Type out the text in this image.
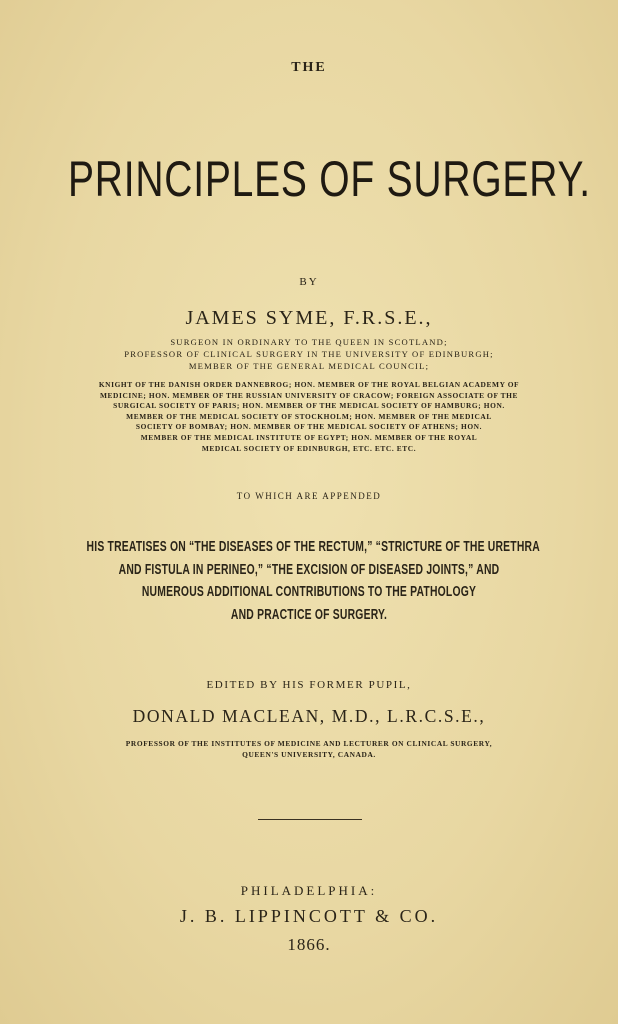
THE
PRINCIPLES OF SURGERY.
BY
JAMES SYME, F.R.S.E.,
SURGEON IN ORDINARY TO THE QUEEN IN SCOTLAND;
PROFESSOR OF CLINICAL SURGERY IN THE UNIVERSITY OF EDINBURGH;
MEMBER OF THE GENERAL MEDICAL COUNCIL;
KNIGHT OF THE DANISH ORDER DANNEBROG; HON. MEMBER OF THE ROYAL BELGIAN ACADEMY OF
MEDICINE; HON. MEMBER OF THE RUSSIAN UNIVERSITY OF CRACOW; FOREIGN ASSOCIATE OF THE
SURGICAL SOCIETY OF PARIS; HON. MEMBER OF THE MEDICAL SOCIETY OF HAMBURG; HON.
MEMBER OF THE MEDICAL SOCIETY OF STOCKHOLM; HON. MEMBER OF THE MEDICAL
SOCIETY OF BOMBAY; HON. MEMBER OF THE MEDICAL SOCIETY OF ATHENS; HON.
MEMBER OF THE MEDICAL INSTITUTE OF EGYPT; HON. MEMBER OF THE ROYAL
MEDICAL SOCIETY OF EDINBURGH, ETC. ETC. ETC.
TO WHICH ARE APPENDED
HIS TREATISES ON “THE DISEASES OF THE RECTUM,” “STRICTURE OF THE URETHRA
AND FISTULA IN PERINEO,” “THE EXCISION OF DISEASED JOINTS,” AND
NUMEROUS ADDITIONAL CONTRIBUTIONS TO THE PATHOLOGY
AND PRACTICE OF SURGERY.
EDITED BY HIS FORMER PUPIL,
DONALD MACLEAN, M.D., L.R.C.S.E.,
PROFESSOR OF THE INSTITUTES OF MEDICINE AND LECTURER ON CLINICAL SURGERY,
QUEEN'S UNIVERSITY, CANADA.
PHILADELPHIA:
J. B. LIPPINCOTT & CO.
1866.
